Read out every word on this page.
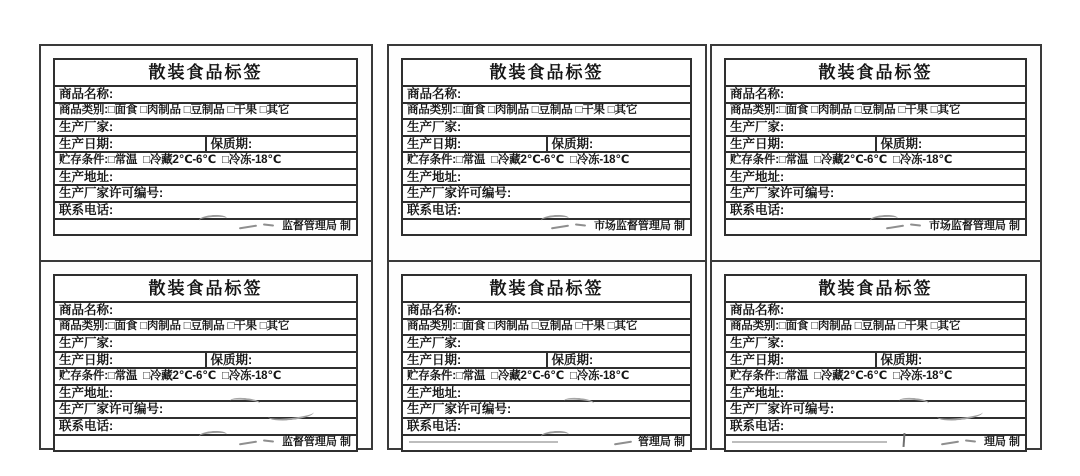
散装食品标签
商品名称:
商品类别:□面食 □肉制品 □豆制品 □干果 □其它
生产厂家:
生产日期:	保质期:
贮存条件:□常温  □冷藏2℃-6℃  □冷冻-18℃
生产地址:
生产厂家许可编号:
联系电话:
监督管理局 制
散装食品标签
商品名称:
商品类别:□面食 □肉制品 □豆制品 □干果 □其它
生产厂家:
生产日期:	保质期:
贮存条件:□常温  □冷藏2℃-6℃  □冷冻-18℃
生产地址:
生产厂家许可编号:
联系电话:
监督管理局 制
散装食品标签
商品名称:
商品类别:□面食 □肉制品 □豆制品 □干果 □其它
生产厂家:
生产日期:	保质期:
贮存条件:□常温  □冷藏2℃-6℃  □冷冻-18℃
生产地址:
生产厂家许可编号:
联系电话:
市场监督管理局 制
散装食品标签
商品名称:
商品类别:□面食 □肉制品 □豆制品 □干果 □其它
生产厂家:
生产日期:	保质期:
贮存条件:□常温  □冷藏2℃-6℃  □冷冻-18℃
生产地址:
生产厂家许可编号:
联系电话:
管理局 制
散装食品标签
商品名称:
商品类别:□面食 □肉制品 □豆制品 □干果 □其它
生产厂家:
生产日期:	保质期:
贮存条件:□常温  □冷藏2℃-6℃  □冷冻-18℃
生产地址:
生产厂家许可编号:
联系电话:
市场监督管理局 制
散装食品标签
商品名称:
商品类别:□面食 □肉制品 □豆制品 □干果 □其它
生产厂家:
生产日期:	保质期:
贮存条件:□常温  □冷藏2℃-6℃  □冷冻-18℃
生产地址:
生产厂家许可编号:
联系电话:
理局 制
